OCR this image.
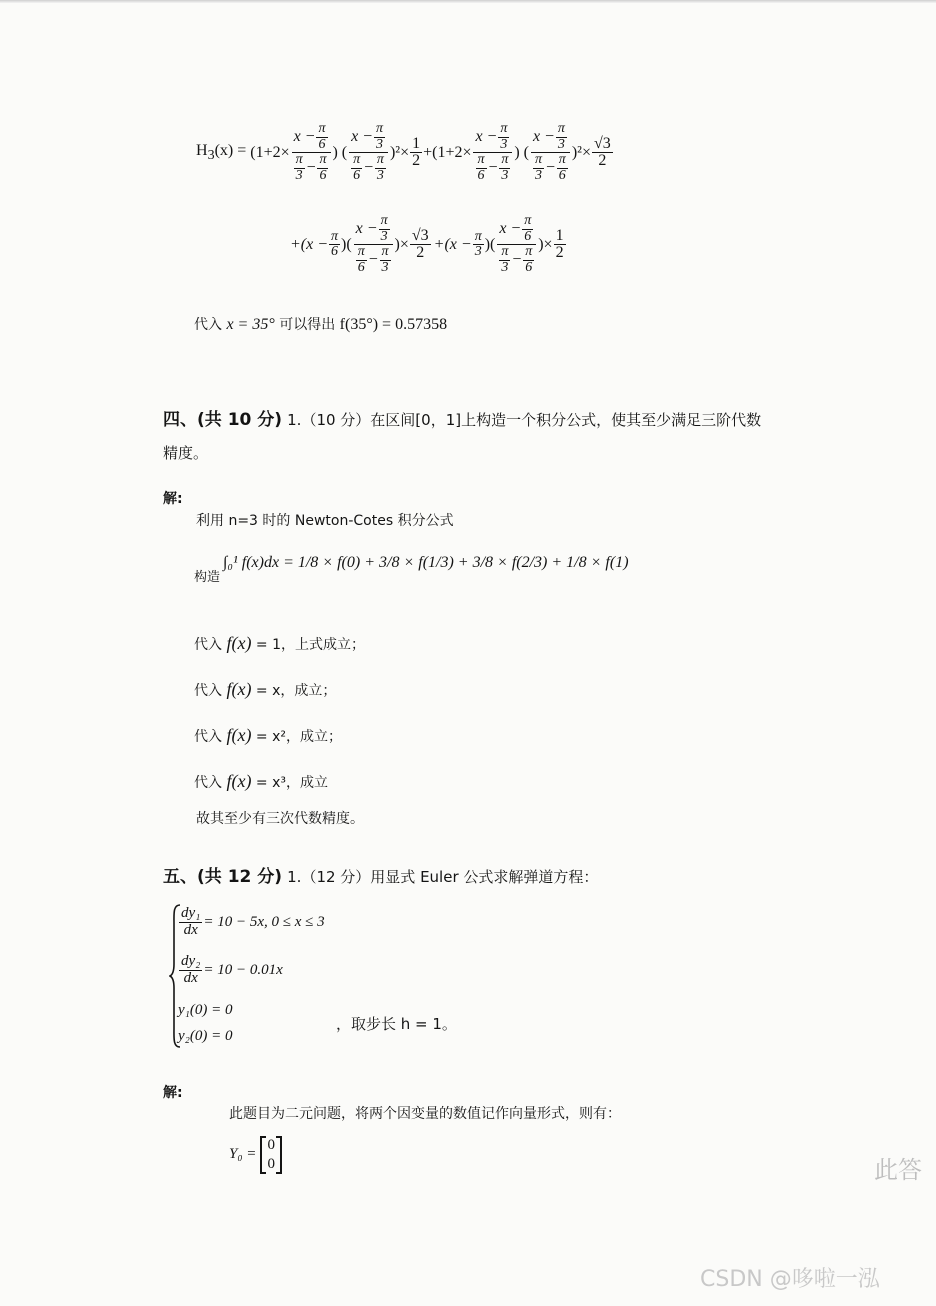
$H_3(x) = (1+2\times \frac{x - \frac{\pi}{6}}{\frac{\pi}{3} - \frac{\pi}{6}}$ ) ( $\frac{x - \frac{\pi}{3}}{\frac{\pi}{6} - \frac{\pi}{3}} )^2\times \frac{1}{2} +(1+2\times \frac{x - \frac{\pi}{3}}{\frac{\pi}{6} - \frac{\pi}{3}}$ ) ( $\frac{x - \frac{\pi}{3}}{\frac{\pi}{3} - \frac{\pi}{6}} )^2\times \frac{√3}{2}$
$+(x - \frac{\pi}{6}$ )( $\frac{x - \frac{\pi}{3}}{\frac{\pi}{6} - \frac{\pi}{3}}$ ) × $\frac{√3}{2} +(x - \frac{\pi}{3}$ )( $\frac{x - \frac{\pi}{6}}{\frac{\pi}{3} - \frac{\pi}{6}}$ ) × $\frac{1}{2}$
代入 x = 35° 可以得出 f(35°) = 0.57358
四、(共 10 分) 1.（10 分）在区间[0，1]上构造一个积分公式，使其至少满足三阶代数
精度。
解:
利用 n=3 时的 Newton-Cotes 积分公式
构造
∫₀¹ f(x)dx = 1/8 × f(0) + 3/8 × f(1/3) + 3/8 × f(2/3) + 1/8 × f(1)
代入 f(x) = 1，上式成立；
代入 f(x) = x，成立；
代入 f(x) = x²，成立；
代入 f(x) = x³，成立
故其至少有三次代数精度。
五、(共 12 分) 1.（12 分）用显式 Euler 公式求解弹道方程：
$\frac{\text{dy₁}}{dx} = 10 - 5x$, 0 ≤ x ≤ 3
$\frac{\text{dy₂}}{dx} = 10 - 0.01x$
y₁(0) = 0
y₂(0) = 0
，取步长 h = 1。
解:
此题目为二元问题，将两个因变量的数值记作向量形式，则有：
Y₀ =
0
0	此答
CSDN @哆啦一泓
